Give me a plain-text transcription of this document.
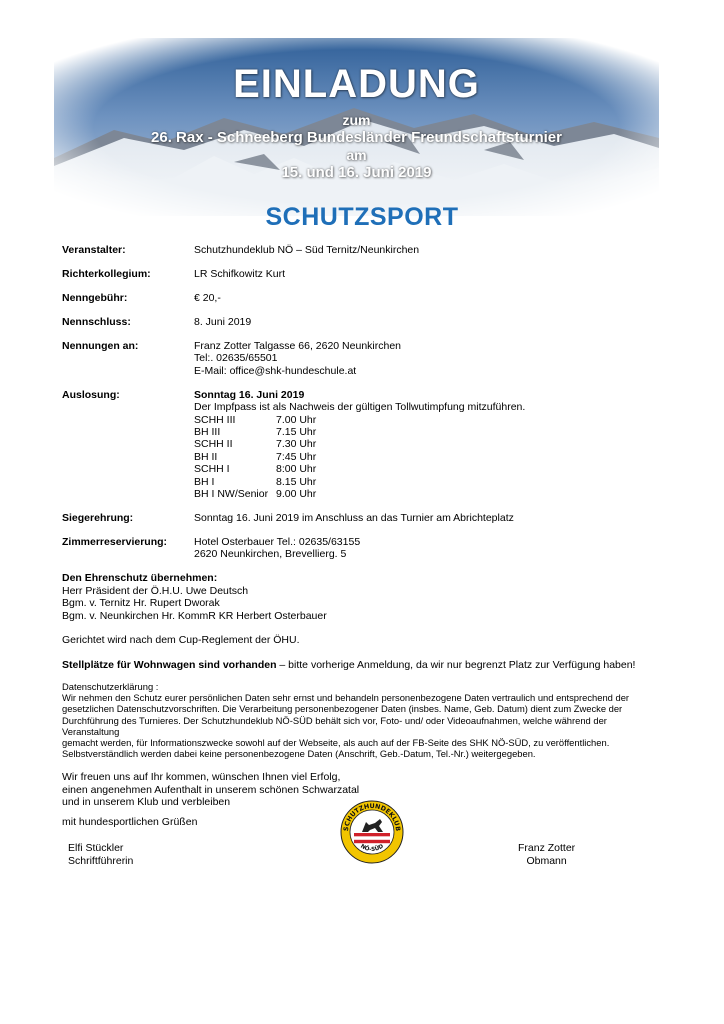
EINLADUNG
zum
26. Rax - Schneeberg Bundesländer Freundschaftsturnier
am
15. und 16. Juni 2019
SCHUTZSPORT
Veranstalter:	Schutzhundeklub NÖ – Süd Ternitz/Neunkirchen
Richterkollegium:	LR Schifkowitz Kurt
Nenngebühr:	€ 20,-
Nennschluss:	8. Juni 2019
Nennungen an:	Franz Zotter Talgasse 66, 2620 Neunkirchen
Tel:. 02635/65501
E-Mail: office@shk-hundeschule.at
Auslosung:	Sonntag 16. Juni 2019
Der Impfpass ist als Nachweis der gültigen Tollwutimpfung mitzuführen.
SCHH III	7.00 Uhr
BH III	7.15 Uhr
SCHH II	7.30 Uhr
BH II	7:45 Uhr
SCHH I	8:00 Uhr
BH I	8.15 Uhr
BH I NW/Senior 9.00 Uhr
Siegerehrung:	Sonntag 16. Juni 2019 im Anschluss an das Turnier am Abrichteplatz
Zimmerreservierung:	Hotel Osterbauer Tel.: 02635/63155
2620 Neunkirchen, Brevellierg. 5
Den Ehrenschutz übernehmen:
Herr Präsident der Ö.H.U. Uwe Deutsch
Bgm. v. Ternitz Hr. Rupert Dworak
Bgm. v. Neunkirchen Hr. KommR KR Herbert Osterbauer
Gerichtet wird nach dem Cup-Reglement der ÖHU.
Stellplätze für Wohnwagen sind vorhanden – bitte vorherige Anmeldung, da wir nur begrenzt Platz zur Verfügung haben!
Datenschutzerklärung :
Wir nehmen den Schutz eurer persönlichen Daten sehr ernst und behandeln personenbezogene Daten vertraulich und entsprechend der
gesetzlichen Datenschutzvorschriften. Die Verarbeitung personenbezogener Daten (insbes. Name, Geb. Datum) dient zum Zwecke der
Durchführung des Turnieres. Der Schutzhundeklub NÖ-SÜD behält sich vor, Foto- und/ oder Videoaufnahmen, welche während der Veranstaltung
gemacht werden, für Informationszwecke sowohl auf der Webseite, als auch auf der FB-Seite des SHK NÖ-SÜD, zu veröffentlichen.
Selbstverständlich werden dabei keine personenbezogene Daten (Anschrift, Geb.-Datum, Tel.-Nr.) weitergegeben.
Wir freuen uns auf Ihr kommen, wünschen Ihnen viel Erfolg,
einen angenehmen Aufenthalt in unserem schönen Schwarzatal
und in unserem Klub und verbleiben
mit hundesportlichen Grüßen
Elfi Stückler
Schriftführerin
Franz Zotter
Obmann
SCHUTZHUNDEKLUB
NÖ-SÜD
